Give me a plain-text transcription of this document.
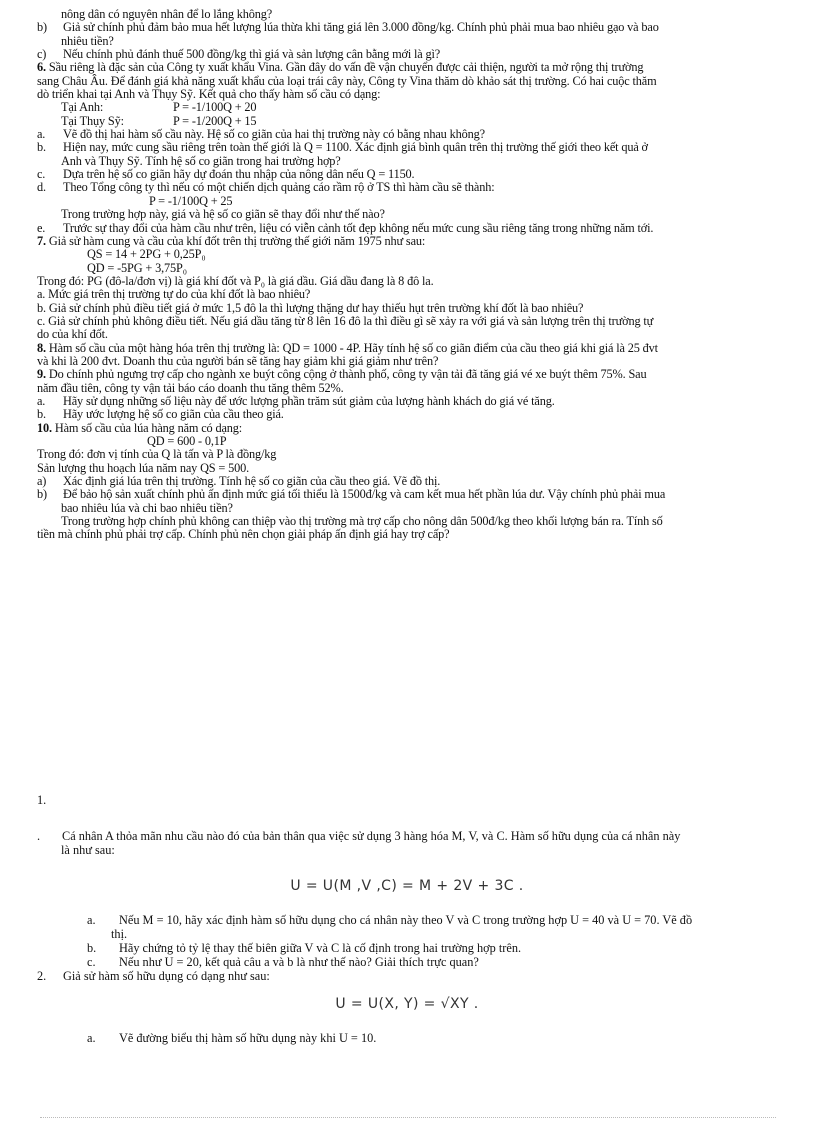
nông dân có nguyên nhân để lo lắng không?
b) Giả sử chính phủ đảm bảo mua hết lượng lúa thừa khi tăng giá lên 3.000 đồng/kg. Chính phủ phải mua bao nhiêu gạo và bao
nhiêu tiền?
c) Nếu chính phủ đánh thuế 500 đồng/kg thì giá và sản lượng cân bằng mới là gì?
6. Sầu riêng là đặc sản của Công ty xuất khẩu Vina. Gần đây do vấn đề vận chuyển được cải thiện, người ta mở rộng thị trường
sang Châu Âu. Để đánh giá khả năng xuất khẩu của loại trái cây này, Công ty Vina thăm dò khảo sát thị trường. Có hai cuộc thăm
dò triển khai tại Anh và Thụy Sỹ. Kết quả cho thấy hàm số cầu có dạng:
Tại Anh:	P = -1/100Q + 20
Tại Thụy Sỹ:	P = -1/200Q + 15
a. Vẽ đồ thị hai hàm số cầu này. Hệ số co giãn của hai thị trường này có bằng nhau không?
b. Hiện nay, mức cung sầu riêng trên toàn thế giới là Q = 1100. Xác định giá bình quân trên thị trường thế giới theo kết quả ở
Anh và Thụy Sỹ. Tính hệ số co giãn trong hai trường hợp?
c. Dựa trên hệ số co giãn hãy dự đoán thu nhập của nông dân nếu Q = 1150.
d. Theo Tổng công ty thì nếu có một chiến dịch quảng cáo rầm rộ ở TS thì hàm cầu sẽ thành:
P = -1/100Q + 25
Trong trường hợp này, giá và hệ số co giãn sẽ thay đổi như thế nào?
e. Trước sự thay đổi của hàm cầu như trên, liệu có viễn cảnh tốt đẹp không nếu mức cung sầu riêng tăng trong những năm tới.
7. Giả sử hàm cung và cầu của khí đốt trên thị trường thế giới năm 1975 như sau:
QS = 14 + 2PG + 0,25P₀
QD = -5PG + 3,75P₀
Trong đó: PG (đô-la/đơn vị) là giá khí đốt và P₀ là giá dầu. Giá dầu đang là 8 đô la.
a. Mức giá trên thị trường tự do của khí đốt là bao nhiêu?
b. Giả sử chính phủ điều tiết giá ở mức 1,5 đô la thì lượng thặng dư hay thiếu hụt trên trường khí đốt là bao nhiêu?
c. Giả sử chính phủ không điều tiết. Nếu giá dầu tăng từ 8 lên 16 đô la thì điều gì sẽ xảy ra với giá và sản lượng trên thị trường tự
do của khí đốt.
8. Hàm số cầu của một hàng hóa trên thị trường là: QD = 1000 - 4P. Hãy tính hệ số co giãn điểm của cầu theo giá khi giá là 25 đvt
và khi là 200 đvt. Doanh thu của người bán sẽ tăng hay giảm khi giá giảm như trên?
9. Do chính phủ ngưng trợ cấp cho ngành xe buýt công cộng ở thành phố, công ty vận tải đã tăng giá vé xe buýt thêm 75%. Sau
năm đầu tiên, công ty vận tải báo cáo doanh thu tăng thêm 52%.
a. Hãy sử dụng những số liệu này để ước lượng phần trăm sút giảm của lượng hành khách do giá vé tăng.
b. Hãy ước lượng hệ số co giãn của cầu theo giá.
10. Hàm số cầu của lúa hàng năm có dạng:
QD = 600 - 0,1P
Trong đó: đơn vị tính của Q là tấn và P là đồng/kg
Sản lượng thu hoạch lúa năm nay QS = 500.
a) Xác định giá lúa trên thị trường. Tính hệ số co giãn của cầu theo giá. Vẽ đồ thị.
b) Để bảo hộ sản xuất chính phủ ấn định mức giá tối thiểu là 1500đ/kg và cam kết mua hết phần lúa dư. Vậy chính phủ phải mua
bao nhiêu lúa và chi bao nhiêu tiền?
Trong trường hợp chính phủ không can thiệp vào thị trường mà trợ cấp cho nông dân 500đ/kg theo khối lượng bán ra. Tính số
tiền mà chính phủ phải trợ cấp. Chính phủ nên chọn giải pháp ấn định giá hay trợ cấp?
1.
. Cá nhân A thỏa mãn nhu cầu nào đó của bản thân qua việc sử dụng 3 hàng hóa M, V, và C. Hàm số hữu dụng của cá nhân này
là như sau:
U = U(M ,V ,C) = M + 2V + 3C .
a. Nếu M = 10, hãy xác định hàm số hữu dụng cho cá nhân này theo V và C trong trường hợp U = 40 và U = 70. Vẽ đồ
thị.
b. Hãy chứng tỏ tỷ lệ thay thế biên giữa V và C là cố định trong hai trường hợp trên.
c. Nếu như U = 20, kết quả câu a và b là như thế nào? Giải thích trực quan?
2. Giả sử hàm số hữu dụng có dạng như sau:
U = U(X, Y) = √XY .
a. Vẽ đường biểu thị hàm số hữu dụng này khi U = 10.
